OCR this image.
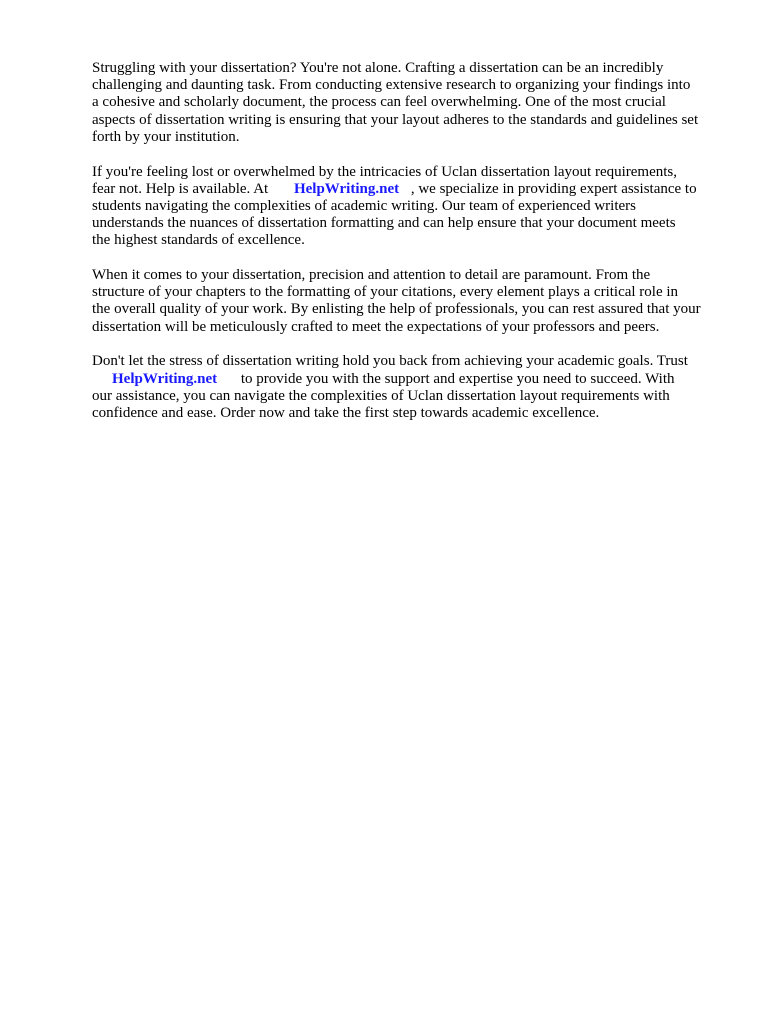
Struggling with your dissertation? You're not alone. Crafting a dissertation can be an incredibly
challenging and daunting task. From conducting extensive research to organizing your findings into
a cohesive and scholarly document, the process can feel overwhelming. One of the most crucial
aspects of dissertation writing is ensuring that your layout adheres to the standards and guidelines set
forth by your institution.
If you're feeling lost or overwhelmed by the intricacies of Uclan dissertation layout requirements,
fear not. Help is available. At HelpWriting.net , we specialize in providing expert assistance to
students navigating the complexities of academic writing. Our team of experienced writers
understands the nuances of dissertation formatting and can help ensure that your document meets
the highest standards of excellence.
When it comes to your dissertation, precision and attention to detail are paramount. From the
structure of your chapters to the formatting of your citations, every element plays a critical role in
the overall quality of your work. By enlisting the help of professionals, you can rest assured that your
dissertation will be meticulously crafted to meet the expectations of your professors and peers.
Don't let the stress of dissertation writing hold you back from achieving your academic goals. Trust
HelpWriting.net to provide you with the support and expertise you need to succeed. With
our assistance, you can navigate the complexities of Uclan dissertation layout requirements with
confidence and ease. Order now and take the first step towards academic excellence.
